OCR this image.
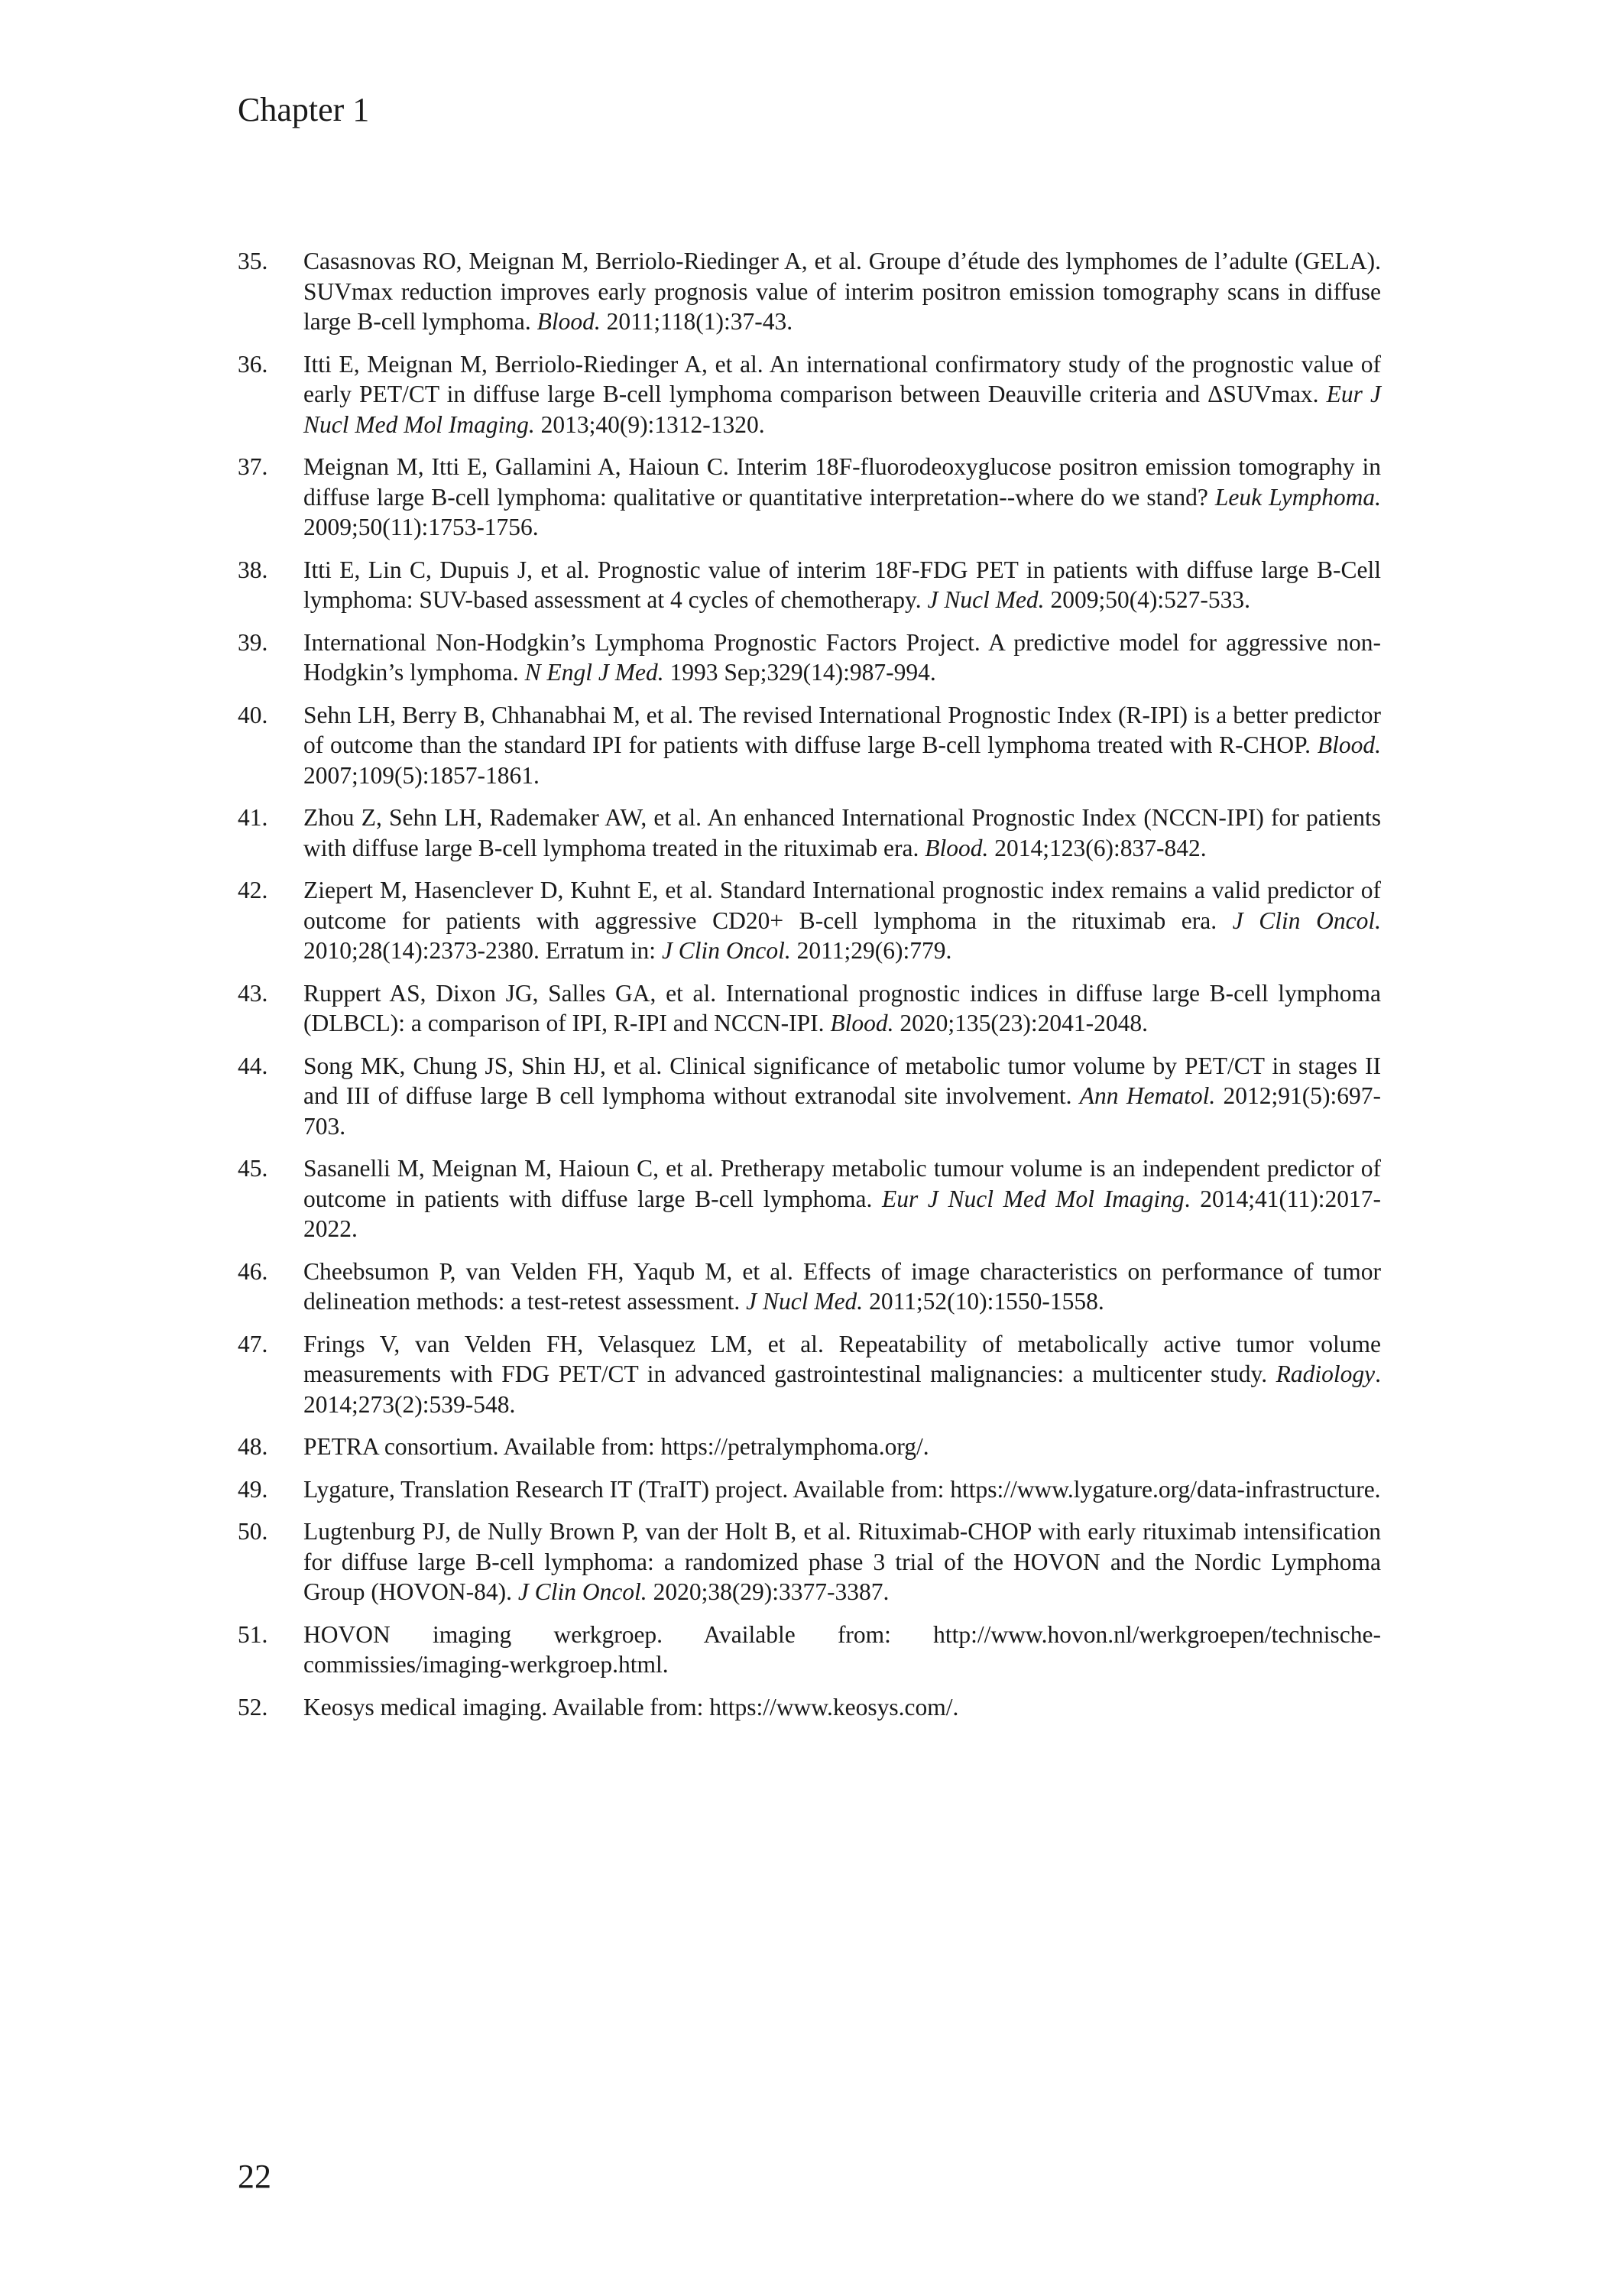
Chapter 1
35. Casasnovas RO, Meignan M, Berriolo-Riedinger A, et al. Groupe d’étude des lymphomes de l’adulte (GELA). SUVmax reduction improves early prognosis value of interim positron emission tomography scans in diffuse large B-cell lymphoma. Blood. 2011;118(1):37-43.
36. Itti E, Meignan M, Berriolo-Riedinger A, et al. An international confirmatory study of the prognostic value of early PET/CT in diffuse large B-cell lymphoma comparison between Deauville criteria and ΔSUVmax. Eur J Nucl Med Mol Imaging. 2013;40(9):1312-1320.
37. Meignan M, Itti E, Gallamini A, Haioun C. Interim 18F-fluorodeoxyglucose positron emission tomography in diffuse large B-cell lymphoma: qualitative or quantitative interpretation--where do we stand? Leuk Lymphoma. 2009;50(11):1753-1756.
38. Itti E, Lin C, Dupuis J, et al. Prognostic value of interim 18F-FDG PET in patients with diffuse large B-Cell lymphoma: SUV-based assessment at 4 cycles of chemotherapy. J Nucl Med. 2009;50(4):527-533.
39. International Non-Hodgkin’s Lymphoma Prognostic Factors Project. A predictive model for aggressive non-Hodgkin’s lymphoma. N Engl J Med. 1993 Sep;329(14):987-994.
40. Sehn LH, Berry B, Chhanabhai M, et al. The revised International Prognostic Index (R-IPI) is a better predictor of outcome than the standard IPI for patients with diffuse large B-cell lymphoma treated with R-CHOP. Blood. 2007;109(5):1857-1861.
41. Zhou Z, Sehn LH, Rademaker AW, et al. An enhanced International Prognostic Index (NCCN-IPI) for patients with diffuse large B-cell lymphoma treated in the rituximab era. Blood. 2014;123(6):837-842.
42. Ziepert M, Hasenclever D, Kuhnt E, et al. Standard International prognostic index remains a valid predictor of outcome for patients with aggressive CD20+ B-cell lymphoma in the rituximab era. J Clin Oncol. 2010;28(14):2373-2380. Erratum in: J Clin Oncol. 2011;29(6):779.
43. Ruppert AS, Dixon JG, Salles GA, et al. International prognostic indices in diffuse large B-cell lymphoma (DLBCL): a comparison of IPI, R-IPI and NCCN-IPI. Blood. 2020;135(23):2041-2048.
44. Song MK, Chung JS, Shin HJ, et al. Clinical significance of metabolic tumor volume by PET/CT in stages II and III of diffuse large B cell lymphoma without extranodal site involvement. Ann Hematol. 2012;91(5):697-703.
45. Sasanelli M, Meignan M, Haioun C, et al. Pretherapy metabolic tumour volume is an independent predictor of outcome in patients with diffuse large B-cell lymphoma. Eur J Nucl Med Mol Imaging. 2014;41(11):2017-2022.
46. Cheebsumon P, van Velden FH, Yaqub M, et al. Effects of image characteristics on performance of tumor delineation methods: a test-retest assessment. J Nucl Med. 2011;52(10):1550-1558.
47. Frings V, van Velden FH, Velasquez LM, et al. Repeatability of metabolically active tumor volume measurements with FDG PET/CT in advanced gastrointestinal malignancies: a multicenter study. Radiology. 2014;273(2):539-548.
48. PETRA consortium. Available from: https://petralymphoma.org/.
49. Lygature, Translation Research IT (TraIT) project. Available from: https://www.lygature.org/data-infrastructure.
50. Lugtenburg PJ, de Nully Brown P, van der Holt B, et al. Rituximab-CHOP with early rituximab intensification for diffuse large B-cell lymphoma: a randomized phase 3 trial of the HOVON and the Nordic Lymphoma Group (HOVON-84). J Clin Oncol. 2020;38(29):3377-3387.
51. HOVON imaging werkgroep. Available from: http://www.hovon.nl/werkgroepen/technische-commissies/imaging-werkgroep.html.
52. Keosys medical imaging. Available from: https://www.keosys.com/.
22
